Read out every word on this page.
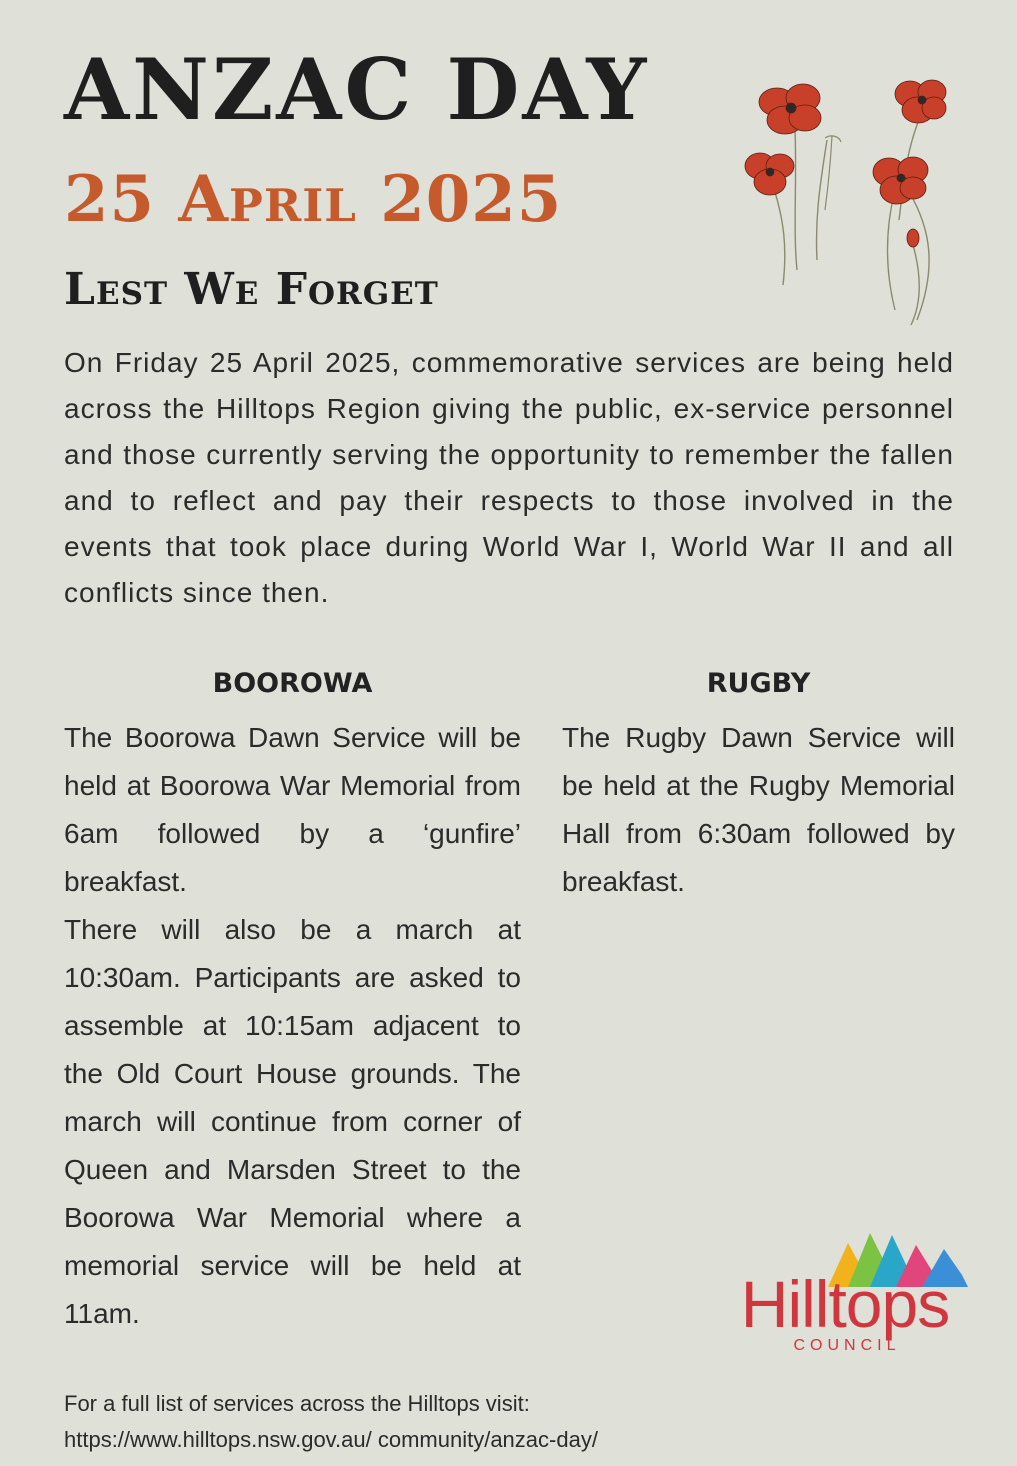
ANZAC DAY
25 April 2025
Lest We Forget

On Friday 25 April 2025, commemorative services are being held across the Hilltops Region giving the public, ex-service personnel and those currently serving the opportunity to remember the fallen and to reflect and pay their respects to those involved in the events that took place during World War I, World War II and all conflicts since then.

BOOROWA

The Boorowa Dawn Service will be held at Boorowa War Memorial from 6am followed by a ‘gunfire’ breakfast.

There will also be a march at 10:30am. Participants are asked to assemble at 10:15am adjacent to the Old Court House grounds. The march will continue from corner of Queen and Marsden Street to the Boorowa War Memorial where a memorial service will be held at 11am.

RUGBY

The Rugby Dawn Service will be held at the Rugby Memorial Hall from 6:30am followed by breakfast.

Hilltops
COUNCIL
For a full list of services across the Hilltops visit:
https://www.hilltops.nsw.gov.au/ community/anzac-day/
